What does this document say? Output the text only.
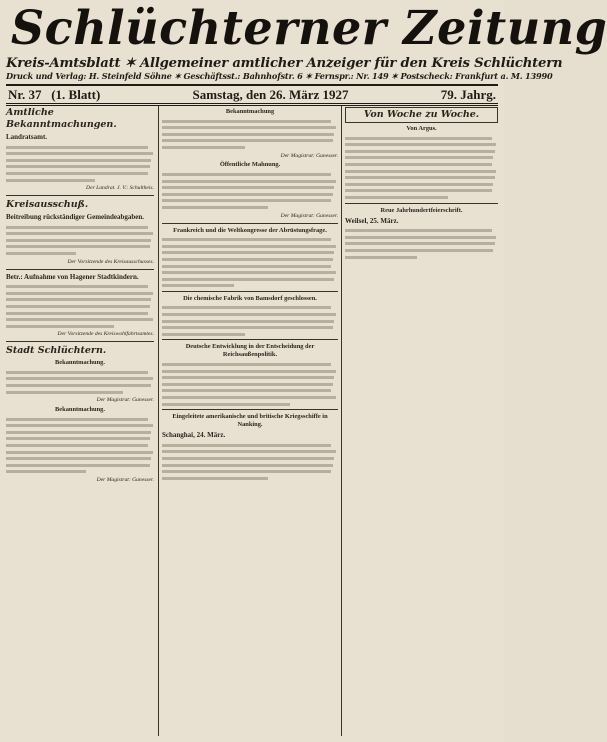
Schlüchterner Zeitung
Kreis-Amtsblatt ✶ Allgemeiner amtlicher Anzeiger für den Kreis Schlüchtern
Druck und Verlag: H. Steinfeld Söhne ✶ Geschäftsst.: Bahnhofstr. 6 ✶ Fernspr.: Nr. 149 ✶ Postscheck: Frankfurt a. M. 13990
Nr. 37 (1. Blatt)	Samstag, den 26. März 1927	79. Jahrg.
Amtliche Bekanntmachungen.
Landratsamt.
Der Landrat. J. V.: Schultheis.
Kreisausschuß.
Beitreibung rückständiger Gemeindeabgaben.
Der Vorsitzende des Kreisausschusses.
Betr.: Aufnahme von Hagener Stadtkindern.
Der Vorsitzende des Kreiswohlfahrtsamtes.
Stadt Schlüchtern.
Bekanntmachung.
Der Magistrat: Gunesser.
Bekanntmachung.
Der Magistrat: Gunesser.
Bekanntmachung
Der Magistrat: Gunesser.
Öffentliche Mahnung.
Der Magistrat: Gunesser.
Frankreich und die Weltkongresse der Abrüstungsfrage.
Die chemische Fabrik von Bamsdorf geschlossen.
Deutsche Entwicklung in der Entscheidung der Reichsaußenpolitik.
Eingeleitete amerikanische und britische Kriegsschiffe in Nanking.
Schanghai, 24. März.
Von Woche zu Woche.
Von Argus.
Reue Jahrhundertfeierschrift.
Weilsel, 25. März.
